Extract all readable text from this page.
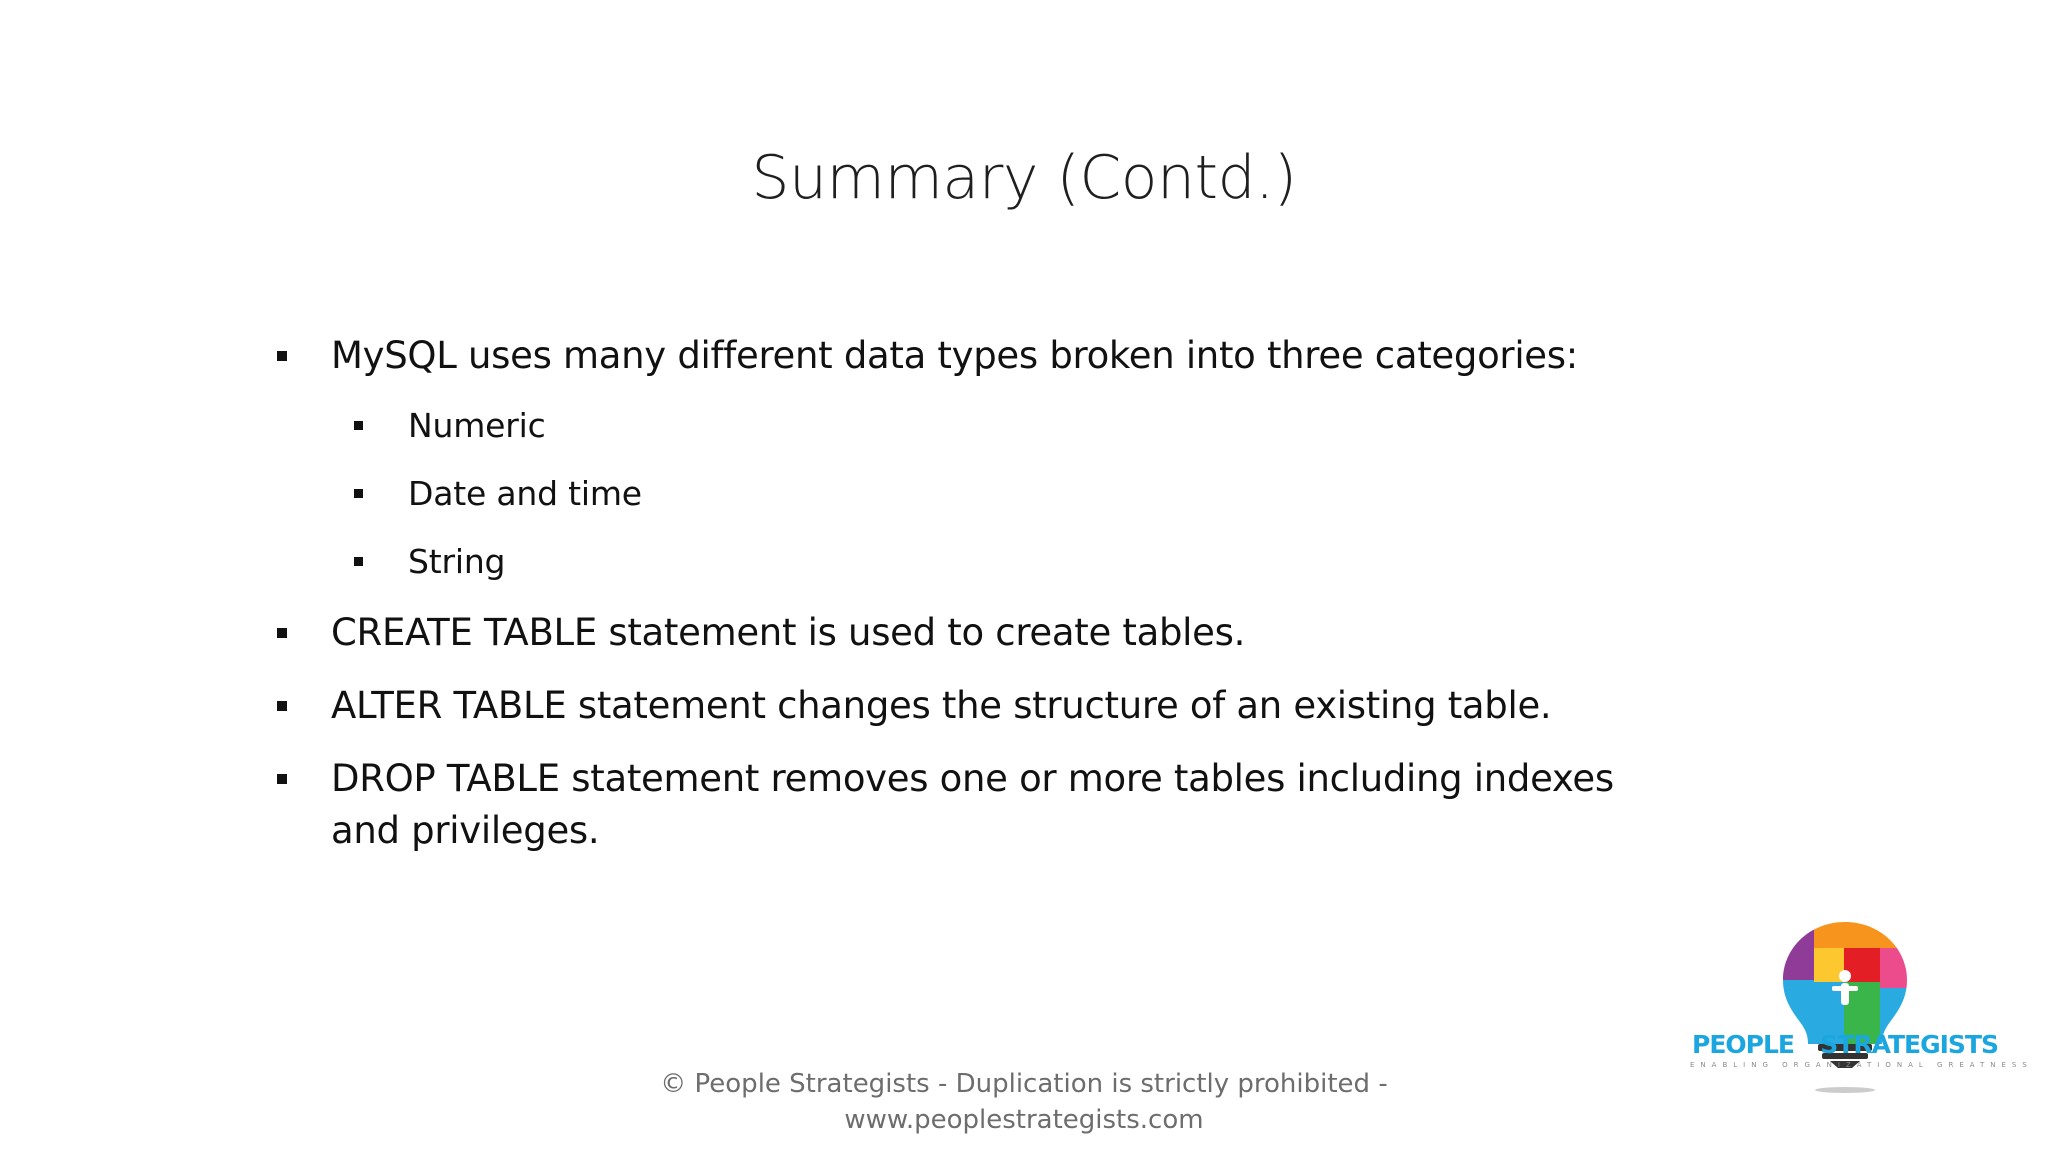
Summary (Contd.)
MySQL uses many different data types broken into three categories:
Numeric
Date and time
String
CREATE TABLE statement is used to create tables.
ALTER TABLE statement changes the structure of an existing table.
DROP TABLE statement removes one or more tables including indexes and privileges.
PEOPLE STRATEGISTS
ENABLING ORGANIZATIONAL GREATNESS
© People Strategists - Duplication is strictly prohibited -
www.peoplestrategists.com
